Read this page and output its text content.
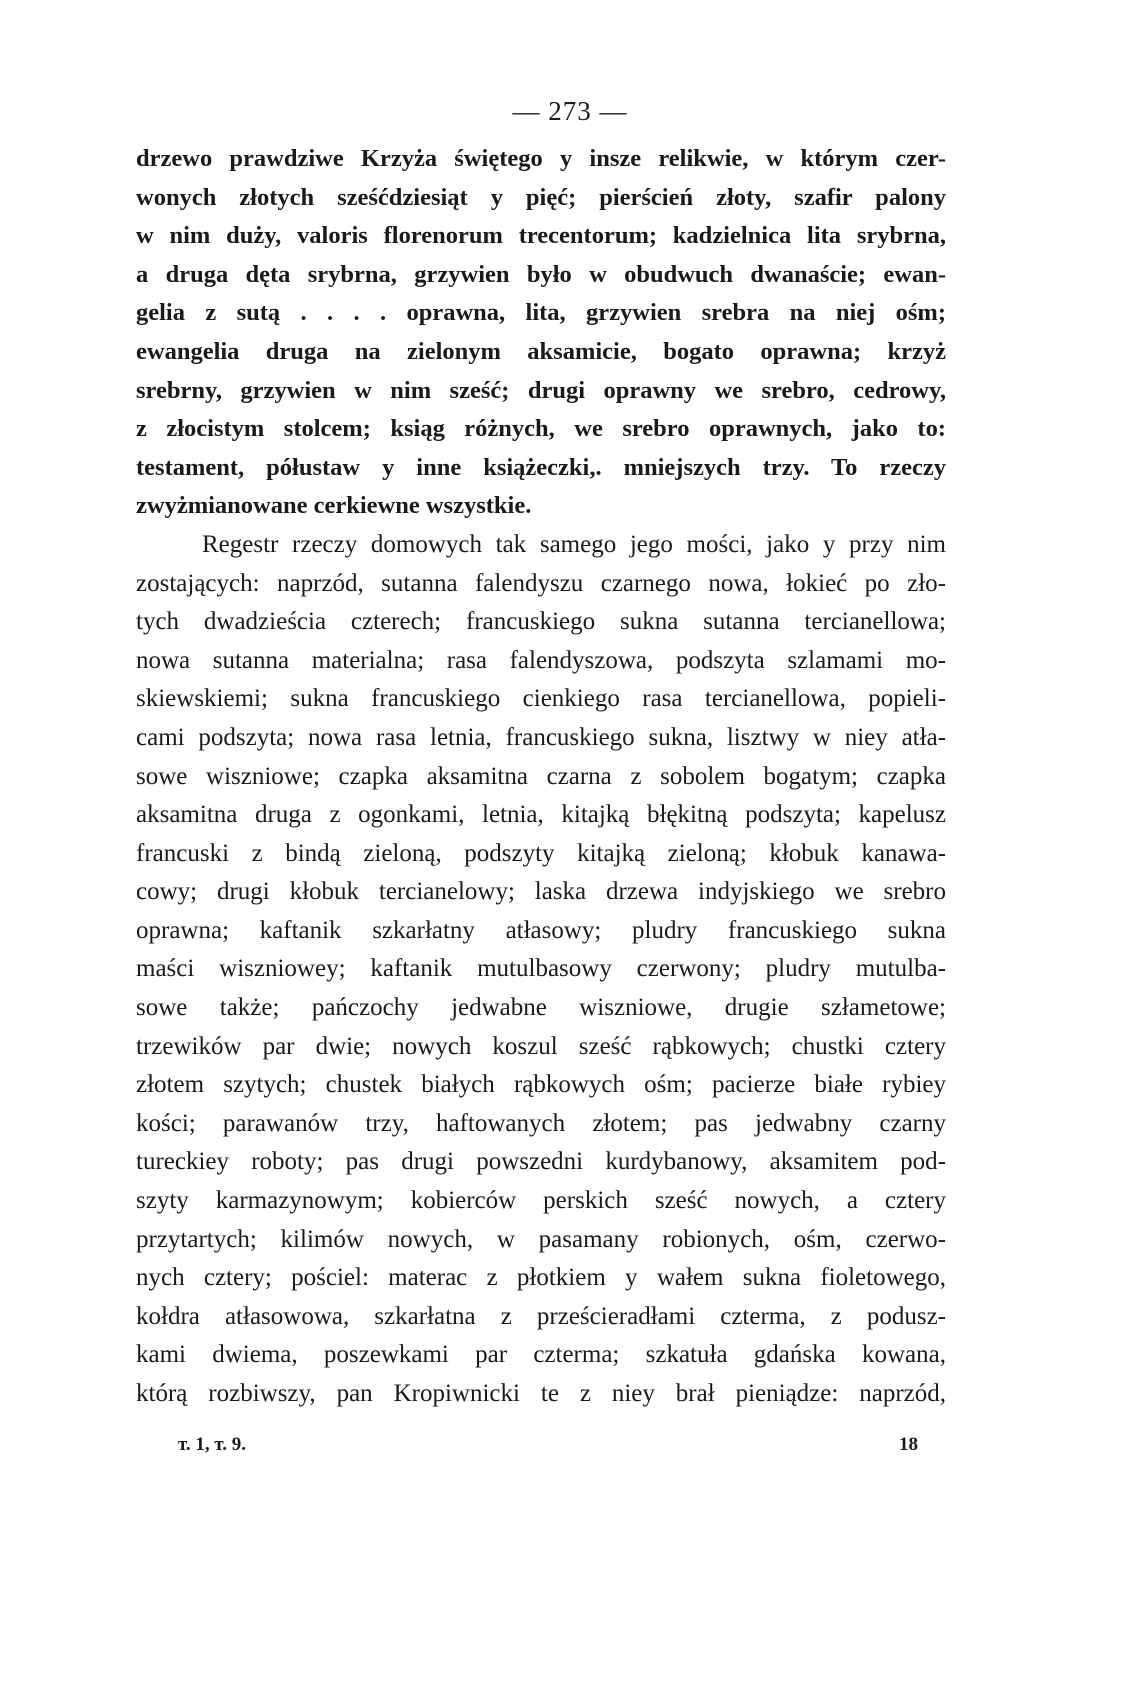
— 273 —
drzewo prawdziwe Krzyża świętego y insze relikwie, w którym czer-
wonych złotych sześćdziesiąt y pięć; pierścień złoty, szafir palony
w nim duży, valoris florenorum trecentorum; kadzielnica lita srybrna,
a druga dęta srybrna, grzywien było w obudwuch dwanaście; ewan-
gelia z sutą . . . . oprawna, lita, grzywien srebra na niej ośm;
ewangelia druga na zielonym aksamicie, bogato oprawna; krzyż
srebrny, grzywien w nim sześć; drugi oprawny we srebro, cedrowy,
z złocistym stolcem; ksiąg różnych, we srebro oprawnych, jako to:
testament, półustaw y inne książeczki,. mniejszych trzy. To rzeczy
zwyżmianowane cerkiewne wszystkie.
Regestr rzeczy domowych tak samego jego mości, jako y przy nim
zostających: naprzód, sutanna falendyszu czarnego nowa, łokieć po zło-
tych dwadzieścia czterech; francuskiego sukna sutanna tercianellowa;
nowa sutanna materialna; rasa falendyszowa, podszyta szlamami mo-
skiewskiemi; sukna francuskiego cienkiego rasa tercianellowa, popieli-
cami podszyta; nowa rasa letnia, francuskiego sukna, lisztwy w niey atła-
sowe wiszniowe; czapka aksamitna czarna z sobolem bogatym; czapka
aksamitna druga z ogonkami, letnia, kitajką błękitną podszyta; kapelusz
francuski z bindą zieloną, podszyty kitajką zieloną; kłobuk kanawa-
cowy; drugi kłobuk tercianelowy; laska drzewa indyjskiego we srebro
oprawna; kaftanik szkarłatny atłasowy; pludry francuskiego sukna
maści wiszniowey; kaftanik mutulbasowy czerwony; pludry mutulba-
sowe także; pańczochy jedwabne wiszniowe, drugie szłametowe;
trzewików par dwie; nowych koszul sześć rąbkowych; chustki cztery
złotem szytych; chustek białych rąbkowych ośm; pacierze białe rybiey
kości; parawanów trzy, haftowanych złotem; pas jedwabny czarny
tureckiey roboty; pas drugi powszedni kurdybanowy, aksamitem pod-
szyty karmazynowym; kobierców perskich sześć nowych, a cztery
przytartych; kilimów nowych, w pasamany robionych, ośm, czerwo-
nych cztery; pościel: materac z płotkiem y wałem sukna fioletowego,
kołdra atłasowowa, szkarłatna z prześcieradłami czterma, z podusz-
kami dwiema, poszewkami par czterma; szkatuła gdańska kowana,
którą rozbiwszy, pan Kropiwnicki te z niey brał pieniądze: naprzód,
т. 1, т. 9.	18
